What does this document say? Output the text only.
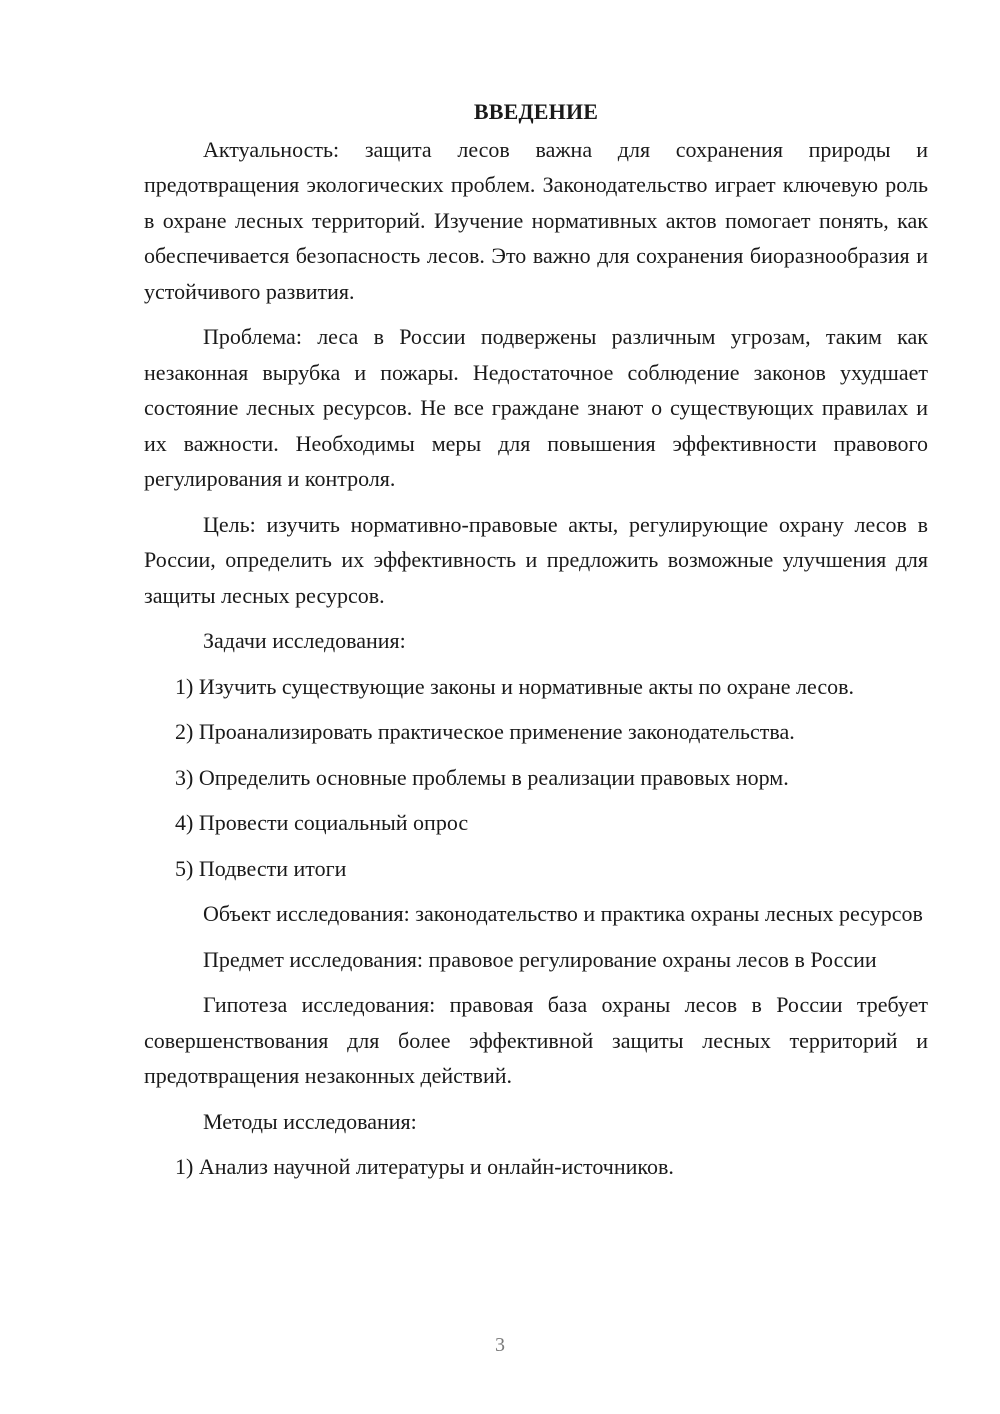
ВВЕДЕНИЕ

Актуальность: защита лесов важна для сохранения природы и предотвращения экологических проблем. Законодательство играет ключевую роль в охране лесных территорий. Изучение нормативных актов помогает понять, как обеспечивается безопасность лесов. Это важно для сохранения биоразнообразия и устойчивого развития.

Проблема: леса в России подвержены различным угрозам, таким как незаконная вырубка и пожары. Недостаточное соблюдение законов ухудшает состояние лесных ресурсов. Не все граждане знают о существующих правилах и их важности. Необходимы меры для повышения эффективности правового регулирования и контроля.

Цель: изучить нормативно-правовые акты, регулирующие охрану лесов в России, определить их эффективность и предложить возможные улучшения для защиты лесных ресурсов.

Задачи исследования:

1) Изучить существующие законы и нормативные акты по охране лесов.

2) Проанализировать практическое применение законодательства.

3) Определить основные проблемы в реализации правовых норм.

4) Провести социальный опрос

5) Подвести итоги

Объект исследования: законодательство и практика охраны лесных ресурсов

Предмет исследования: правовое регулирование охраны лесов в России

Гипотеза исследования: правовая база охраны лесов в России требует совершенствования для более эффективной защиты лесных территорий и предотвращения незаконных действий.

Методы исследования:

1) Анализ научной литературы и онлайн-источников.

3
